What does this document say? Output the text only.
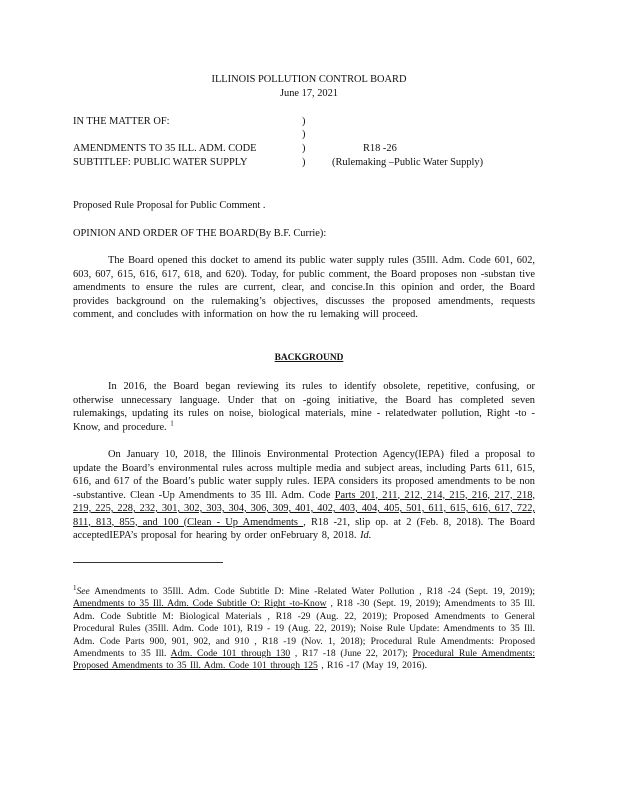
ILLINOIS POLLUTION CONTROL BOARD
June 17, 2021
IN THE MATTER OF:
AMENDMENTS TO 35 ILL. ADM. CODE
SUBTITLEF: PUBLIC WATER SUPPLY
)
)
)
)
R18 -26
(Rulemaking –Public Water Supply)
Proposed Rule Proposal for Public Comment .
OPINION AND ORDER OF THE BOARD(By B.F. Currie):
The Board opened this docket to amend its public water supply rules (35Ill. Adm. Code 601, 602, 603, 607, 615, 616, 617, 618, and 620). Today, for public comment, the Board proposes non -substan tive amendments to ensure the rules are current, clear, and concise.In this opinion and order, the Board provides background on the rulemaking’s objectives, discusses the proposed amendments, requests comment, and concludes with information on how the ru lemaking will proceed.
BACKGROUND
In 2016, the Board began reviewing its rules to identify obsolete, repetitive, confusing, or otherwise unnecessary language. Under that on -going initiative, the Board has completed seven rulemakings, updating its rules on noise, biological materials, mine - relatedwater pollution, Right -to -Know, and procedure. $^1$
On January 10, 2018, the Illinois Environmental Protection Agency(IEPA) filed a proposal to update the Board’s environmental rules across multiple media and subject areas, including Parts 611, 615, 616, and 617 of the Board’s public water supply rules. IEPA considers its proposed amendments to be non -substantive. Clean -Up Amendments to 35 Ill. Adm. Code Parts 201, 211, 212, 214, 215, 216, 217, 218, 219, 225, 228, 232, 301, 302, 303, 304, 306, 309, 401, 402, 403, 404, 405, 501, 611, 615, 616, 617, 722, 811, 813, 855, and 100 (Clean - Up Amendments , R18 -21, slip op. at 2 (Feb. 8, 2018). The Board acceptedIEPA’s proposal for hearing by order onFebruary 8, 2018. Id.
$^1$See Amendments to 35Ill. Adm. Code Subtitle D: Mine -Related Water Pollution , R18 -24 (Sept. 19, 2019); Amendments to 35 Ill. Adm. Code Subtitle O: Right -to-Know , R18 -30 (Sept. 19, 2019); Amendments to 35 Ill. Adm. Code Subtitle M: Biological Materials , R18 -29 (Aug. 22, 2019); Proposed Amendments to General Procedural Rules (35Ill. Adm. Code 101), R19 - 19 (Aug. 22, 2019); Noise Rule Update: Amendments to 35 Ill. Adm. Code Parts 900, 901, 902, and 910 , R18 -19 (Nov. 1, 2018); Procedural Rule Amendments: Proposed Amendments to 35 Ill. Adm. Code 101 through 130 , R17 -18 (June 22, 2017); Procedural Rule Amendments: Proposed Amendments to 35 Ill. Adm. Code 101 through 125 , R16 -17 (May 19, 2016).
